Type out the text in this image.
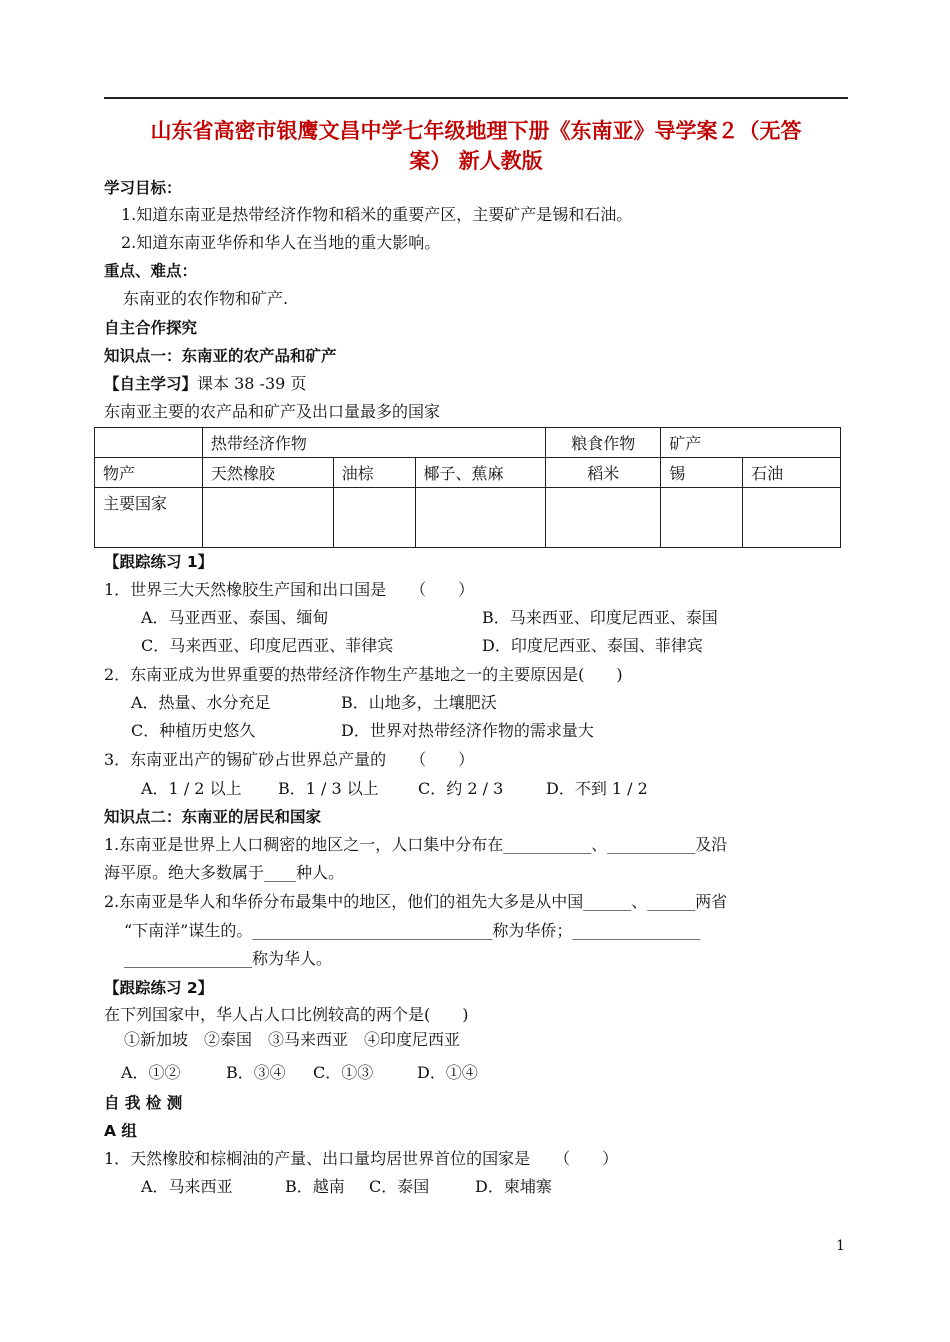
山东省高密市银鹰文昌中学七年级地理下册《东南亚》导学案２（无答
案） 新人教版
学习目标：
1.知道东南亚是热带经济作物和稻米的重要产区，主要矿产是锡和石油。
2.知道东南亚华侨和华人在当地的重大影响。
重点、难点：
东南亚的农作物和矿产.
自主合作探究
知识点一：东南亚的农产品和矿产
【自主学习】课本 38 -39 页
东南亚主要的农产品和矿产及出口量最多的国家
	热带经济作物			粮食作物	矿产	
物产	天然橡胶	油棕	椰子、蕉麻	稻米	锡	石油
主要国家						
【跟踪练习 1】
1．世界三大天然橡胶生产国和出口国是　　（　　）
A．马亚西亚、泰国、缅甸	B．马来西亚、印度尼西亚、泰国
C．马来西亚、印度尼西亚、菲律宾	D．印度尼西亚、泰国、菲律宾
2．东南亚成为世界重要的热带经济作物生产基地之一的主要原因是(　　)
A．热量、水分充足	B．山地多，土壤肥沃
C．种植历史悠久	D．世界对热带经济作物的需求量大
3．东南亚出产的锡矿砂占世界总产量的　　（　　）
A．1 / 2 以上 B．1 / 3 以上 C．约 2 / 3	D．不到 1 / 2
知识点二：东南亚的居民和国家
1.东南亚是世界上人口稠密的地区之一，人口集中分布在___________、___________及沿
海平原。绝大多数属于____种人。
2.东南亚是华人和华侨分布最集中的地区，他们的祖先大多是从中国______、______两省
“下南洋”谋生的。______________________________称为华侨；________________
________________称为华人。
【跟踪练习 2】
在下列国家中，华人占人口比例较高的两个是(　　)
①新加坡　②泰国　③马来西亚　④印度尼西亚
A．①②	B．③④ C．①③	D．①④
自 我 检 测
A 组
1．天然橡胶和棕榈油的产量、出口量均居世界首位的国家是　　（　　）
A．马来西亚	B．越南 C．泰国	D．柬埔寨
1
